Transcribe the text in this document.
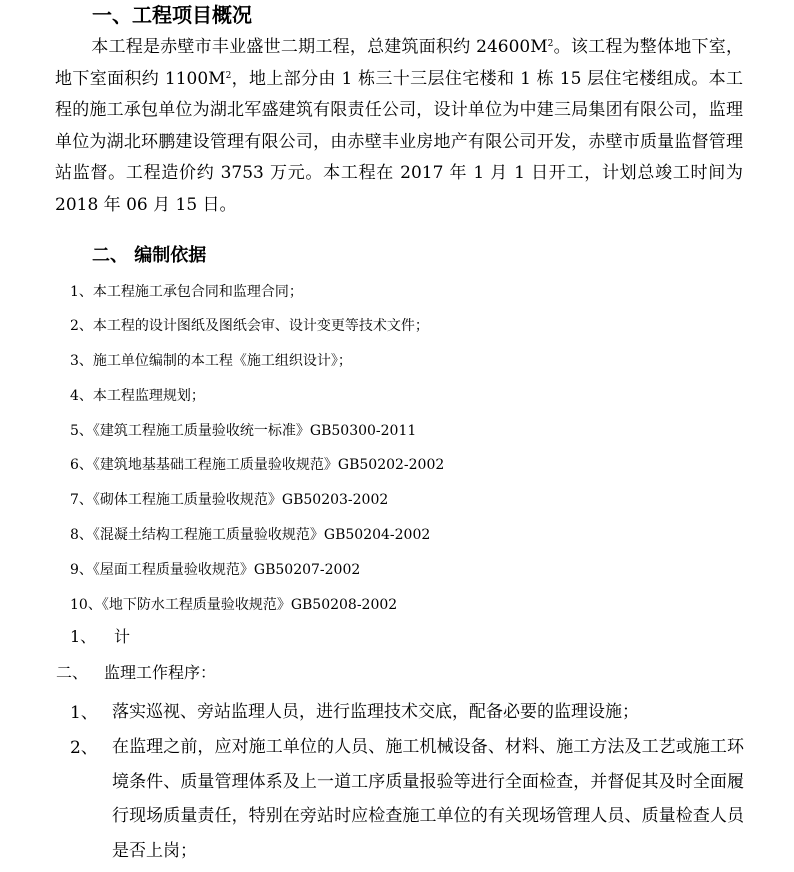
一、工程项目概况
本工程是赤壁市丰业盛世二期工程，总建筑面积约 $24600M^2$。该工程为整体地下室，地下室面积约 $1100M^2$，地上部分由 1 栋三十三层住宅楼和 1 栋 15 层住宅楼组成。本工程的施工承包单位为湖北军盛建筑有限责任公司，设计单位为中建三局集团有限公司，监理单位为湖北环鹏建设管理有限公司，由赤壁丰业房地产有限公司开发，赤壁市质量监督管理站监督。工程造价约 3753 万元。本工程在 2017 年 1 月 1 日开工，计划总竣工时间为 2018 年 06 月 15 日。
二、 编制依据
1、本工程施工承包合同和监理合同；
2、本工程的设计图纸及图纸会审、设计变更等技术文件；
3、施工单位编制的本工程《施工组织设计》；
4、本工程监理规划；
5、《建筑工程施工质量验收统一标准》GB50300-2011
6、《建筑地基基础工程施工质量验收规范》GB50202-2002
7、《砌体工程施工质量验收规范》GB50203-2002
8、《混凝土结构工程施工质量验收规范》GB50204-2002
9、《屋面工程质量验收规范》GB50207-2002
10、《地下防水工程质量验收规范》GB50208-2002
1、 计
二、 监理工作程序：
1、 落实巡视、旁站监理人员，进行监理技术交底，配备必要的监理设施；
2、 在监理之前，应对施工单位的人员、施工机械设备、材料、施工方法及工艺或施工环境条件、质量管理体系及上一道工序质量报验等进行全面检查，并督促其及时全面履行现场质量责任，特别在旁站时应检查施工单位的有关现场管理人员、质量检查人员是否上岗；
